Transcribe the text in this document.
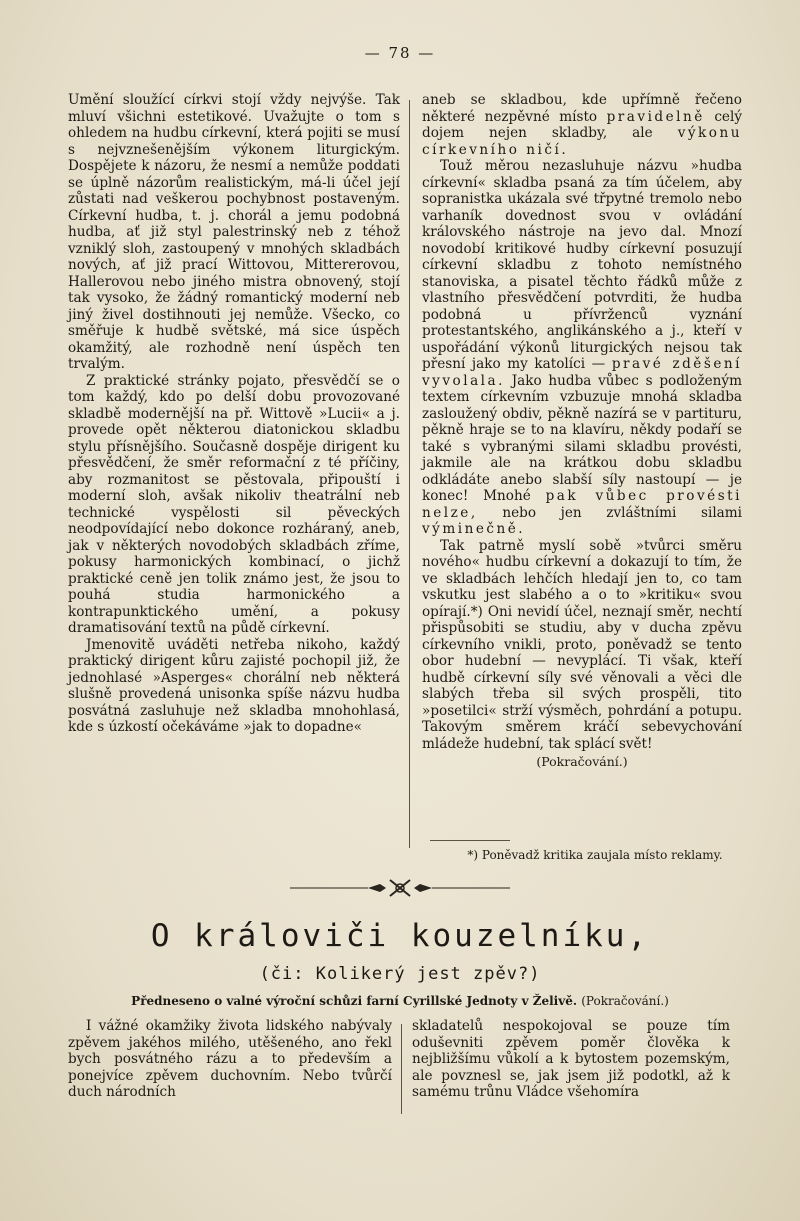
— 78 —

Umění sloužící církvi stojí vždy nejvýše. Tak mluví všichni estetikové. Uvažujte o tom s ohledem na hudbu církevní, která pojiti se musí s nejvznešenějším výkonem liturgickým. Dospějete k názoru, že nesmí a nemůže poddati se úplně názorům realistickým, má-li účel její zůstati nad veškerou pochybnost postaveným. Církevní hudba, t. j. chorál a jemu podobná hudba, ať již styl palestrinský neb z téhož vzniklý sloh, zastoupený v mnohých skladbách nových, ať již prací Wittovou, Mittererovou, Hallerovou nebo jiného mistra obnovený, stojí tak vysoko, že žádný romantický moderní neb jiný živel dostihnouti jej nemůže. Všecko, co směřuje k hudbě světské, má sice úspěch okamžitý, ale rozhodně není úspěch ten trvalým.

Z praktické stránky pojato, přesvědčí se o tom každý, kdo po delší dobu provozované skladbě modernější na př. Wittově »Lucii« a j. provede opět některou diatonickou skladbu stylu přísnějšího. Současně dospěje dirigent ku přesvědčení, že směr reformační z té příčiny, aby rozmanitost se pěstovala, připouští i moderní sloh, avšak nikoliv theatrální neb technické vyspělosti sil pěveckých neodpovídající nebo dokonce rozháraný, aneb, jak v některých novodobých skladbách zříme, pokusy harmonických kombinací, o jichž praktické ceně jen tolik známo jest, že jsou to pouhá studia harmonického a kontrapunktického umění, a pokusy dramatisování textů na půdě církevní.

Jmenovitě uváděti netřeba nikoho, každý praktický dirigent kůru zajisté pochopil již, že jednohlasé »Asperges« chorální neb některá slušně provedená unisonka spíše názvu hudba posvátná zasluhuje než skladba mnohohlasá, kde s úzkostí očekáváme »jak to dopadne«

aneb se skladbou, kde upřímně řečeno některé nezpěvné místo pravidelně celý dojem nejen skladby, ale výkonu církevního ničí.

Touž měrou nezasluhuje názvu »hudba církevní« skladba psaná za tím účelem, aby sopranistka ukázala své třpytné tremolo nebo varhaník dovednost svou v ovládání královského nástroje na jevo dal. Mnozí novodobí kritikové hudby církevní posuzují církevní skladbu z tohoto nemístného stanoviska, a pisatel těchto řádků může z vlastního přesvědčení potvrditi, že hudba podobná u přívrženců vyznání protestantského, anglikánského a j., kteří v uspořádání výkonů liturgických nejsou tak přesní jako my katolíci — pravé zděšení vyvolala. Jako hudba vůbec s podloženým textem církevním vzbuzuje mnohá skladba zasloužený obdiv, pěkně nazírá se v partituru, pěkně hraje se to na klavíru, někdy podaří se také s vybranými silami skladbu provésti, jakmile ale na krátkou dobu skladbu odkládáte anebo slabší síly nastoupí — je konec! Mnohé pak vůbec provésti nelze, nebo jen zvláštními silami výminečně.

Tak patrně myslí sobě »tvůrci směru nového« hudbu církevní a dokazují to tím, že ve skladbách lehčích hledají jen to, co tam vskutku jest slabého a o to »kritiku« svou opírají.*) Oni nevidí účel, neznají směr, nechtí přispůsobiti se studiu, aby v ducha zpěvu církevního vnikli, proto, poněvadž se tento obor hudební — nevyplácí. Ti však, kteří hudbě církevní síly své věnovali a věci dle slabých třeba sil svých prospěli, tito »posetilci« strží výsměch, pohrdání a potupu. Takovým směrem kráčí sebevychování mládeže hudební, tak splácí svět!

(Pokračování.)

*) Poněvadž kritika zaujala místo reklamy.
O královiči kouzelníku,
(či: Kolikerý jest zpěv?)
Předneseno o valné výroční schůzi farní Cyrillské Jednoty v Želivě. (Pokračování.)

I vážné okamžiky života lidského nabývaly zpěvem jakéhos milého, utěšeného, ano řekl bych posvátného rázu a to především a ponejvíce zpěvem duchovním. Nebo tvůrčí duch národních

skladatelů nespokojoval se pouze tím oduševniti zpěvem poměr člověka k nejbližšímu vůkolí a k bytostem pozemským, ale povznesl se, jak jsem již podotkl, až k samému trůnu Vládce všehomíra
